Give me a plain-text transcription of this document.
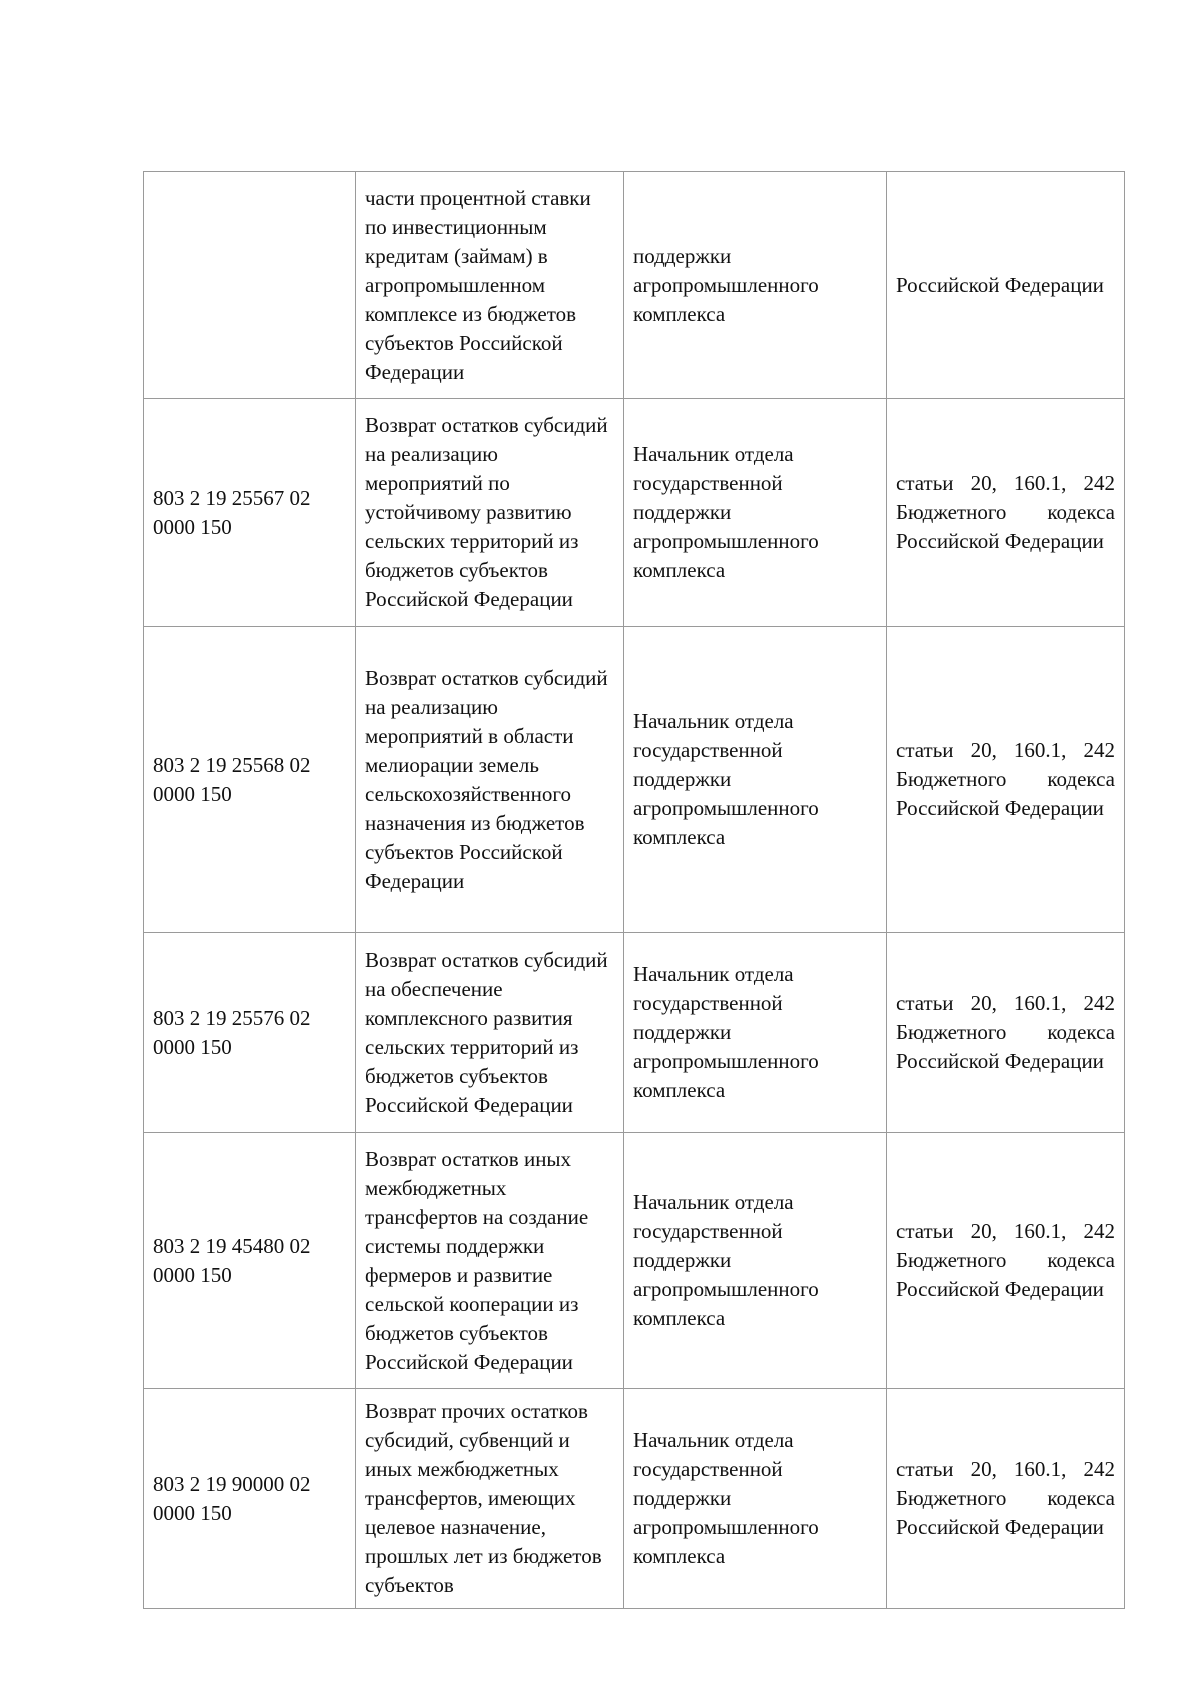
	части процентной ставки по инвестиционным кредитам (займам) в агропромышленном комплексе из бюджетов субъектов Российской Федерации	поддержки агропромышленного комплекса	Российской Федерации
803 2 19 25567 02 0000 150	Возврат остатков субсидий на реализацию мероприятий по устойчивому развитию сельских территорий из бюджетов субъектов Российской Федерации	Начальник отдела государственной поддержки агропромышленного комплекса	статьи 20, 160.1, 242 Бюджетного кодекса Российской Федерации
803 2 19 25568 02 0000 150	Возврат остатков субсидий на реализацию мероприятий в области мелиорации земель сельскохозяйственного назначения из бюджетов субъектов Российской Федерации	Начальник отдела государственной поддержки агропромышленного комплекса	статьи 20, 160.1, 242 Бюджетного кодекса Российской Федерации
803 2 19 25576 02 0000 150	Возврат остатков субсидий на обеспечение комплексного развития сельских территорий из бюджетов субъектов Российской Федерации	Начальник отдела государственной поддержки агропромышленного комплекса	статьи 20, 160.1, 242 Бюджетного кодекса Российской Федерации
803 2 19 45480 02 0000 150	Возврат остатков иных межбюджетных трансфертов на создание системы поддержки фермеров и развитие сельской кооперации из бюджетов субъектов Российской Федерации	Начальник отдела государственной поддержки агропромышленного комплекса	статьи 20, 160.1, 242 Бюджетного кодекса Российской Федерации
803 2 19 90000 02 0000 150	Возврат прочих остатков субсидий, субвенций и иных межбюджетных трансфертов, имеющих целевое назначение, прошлых лет из бюджетов субъектов	Начальник отдела государственной поддержки агропромышленного комплекса	статьи 20, 160.1, 242 Бюджетного кодекса Российской Федерации
